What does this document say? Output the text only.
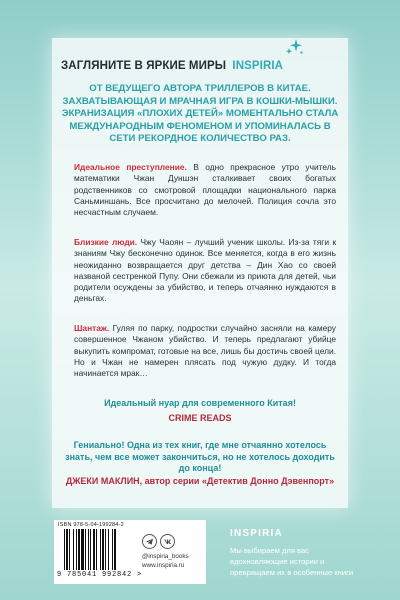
ЗАГЛЯНИТЕ В ЯРКИЕ МИРЫ INSPIRIA

ОТ ВЕДУЩЕГО АВТОРА ТРИЛЛЕРОВ В КИТАЕ. ЗАХВАТЫВАЮЩАЯ И МРАЧНАЯ ИГРА В КОШКИ-МЫШКИ. ЭКРАНИЗАЦИЯ «ПЛОХИХ ДЕТЕЙ» МОМЕНТАЛЬНО СТАЛА МЕЖДУНАРОДНЫМ ФЕНОМЕНОМ И УПОМИНАЛАСЬ В СЕТИ РЕКОРДНОЕ КОЛИЧЕСТВО РАЗ.

Идеальное преступление. В одно прекрасное утро учитель математики Чжан Дуншэн сталкивает своих богатых родственников со смотровой площадки национального парка Саньминшань. Все просчитано до мелочей. Полиция сочла это несчастным случаем.

Близкие люди. Чжу Чаоян – лучший ученик школы. Из-за тяги к знаниям Чжу бесконечно одинок. Все меняется, когда в его жизнь неожиданно возвращается друг детства – Дин Хао со своей названой сестренкой Пупу. Они сбежали из приюта для детей, чьи родители осуждены за убийство, и теперь отчаянно нуждаются в деньгах.

Шантаж. Гуляя по парку, подростки случайно засняли на камеру совершенное Чжаном убийство. И теперь предлагают убийце выкупить компромат, готовые на все, лишь бы достичь своей цели. Но и Чжан не намерен плясать под чужую дудку. И тогда начинается мрак…

Идеальный нуар для современного Китая!

CRIME READS

Гениально! Одна из тех книг, где мне отчаянно хотелось знать, чем все может закончиться, но не хотелось доходить до конца!

ДЖЕКИ МАКЛИН, автор серии «Детектив Донно Дэвенпорт»

ISBN 978-5-04-199284-2
9 785041 992842 >
@inspiria_books
www.inspiria.ru
INSPIRIA

Мы выбираем для вас вдохновляющие истории и превращаем их в особенные книги
